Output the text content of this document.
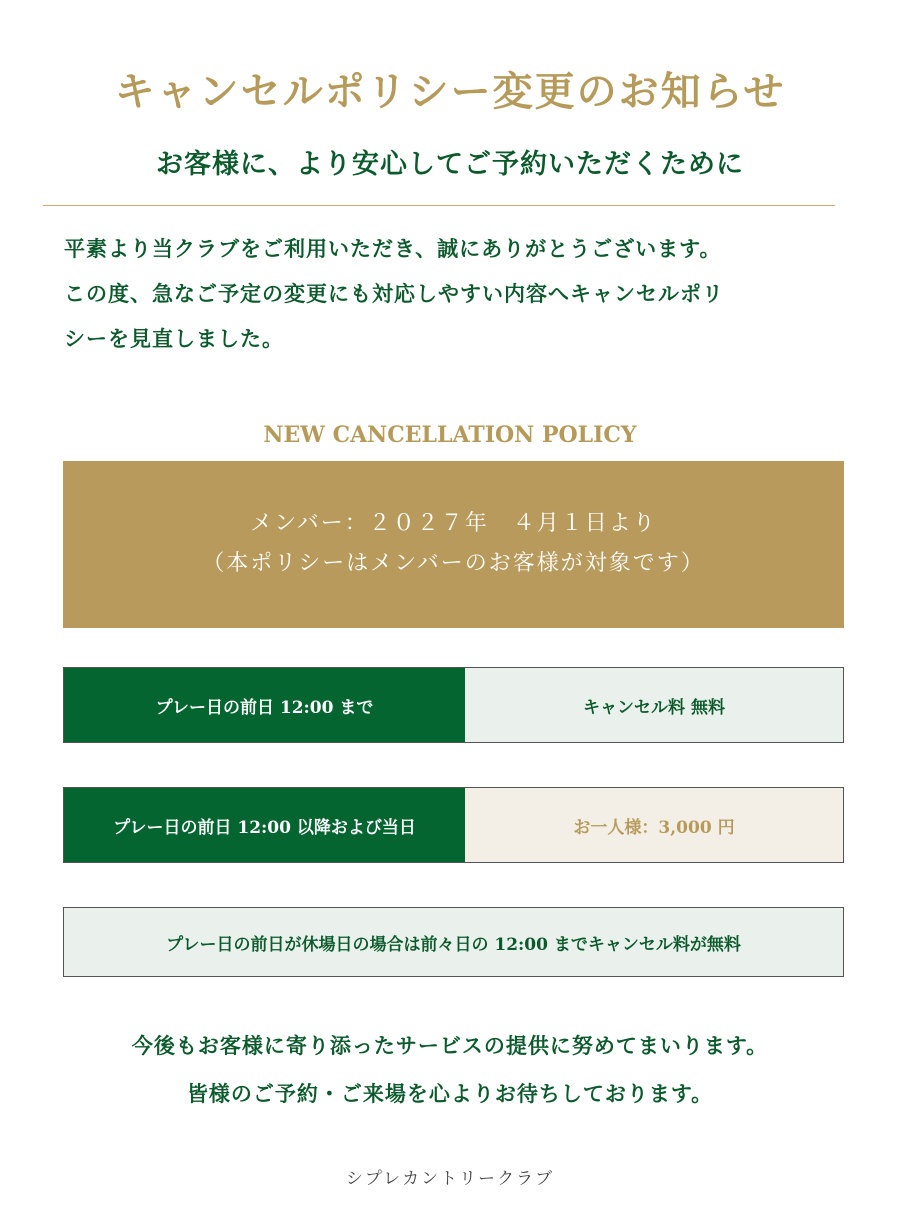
キャンセルポリシー変更のお知らせ
お客様に、より安心してご予約いただくために
平素より当クラブをご利用いただき、誠にありがとうございます。
この度、急なご予定の変更にも対応しやすい内容へキャンセルポリ
シーを見直しました。
NEW CANCELLATION POLICY
メンバー：２０２７年　４月１日より
（本ポリシーはメンバーのお客様が対象です）
プレー日の前日 12:00 まで	キャンセル料 無料
プレー日の前日 12:00 以降および当日	お一人様：3,000 円
プレー日の前日が休場日の場合は前々日の 12:00 までキャンセル料が無料
今後もお客様に寄り添ったサービスの提供に努めてまいります。
皆様のご予約・ご来場を心よりお待ちしております。
シプレカントリークラブ
